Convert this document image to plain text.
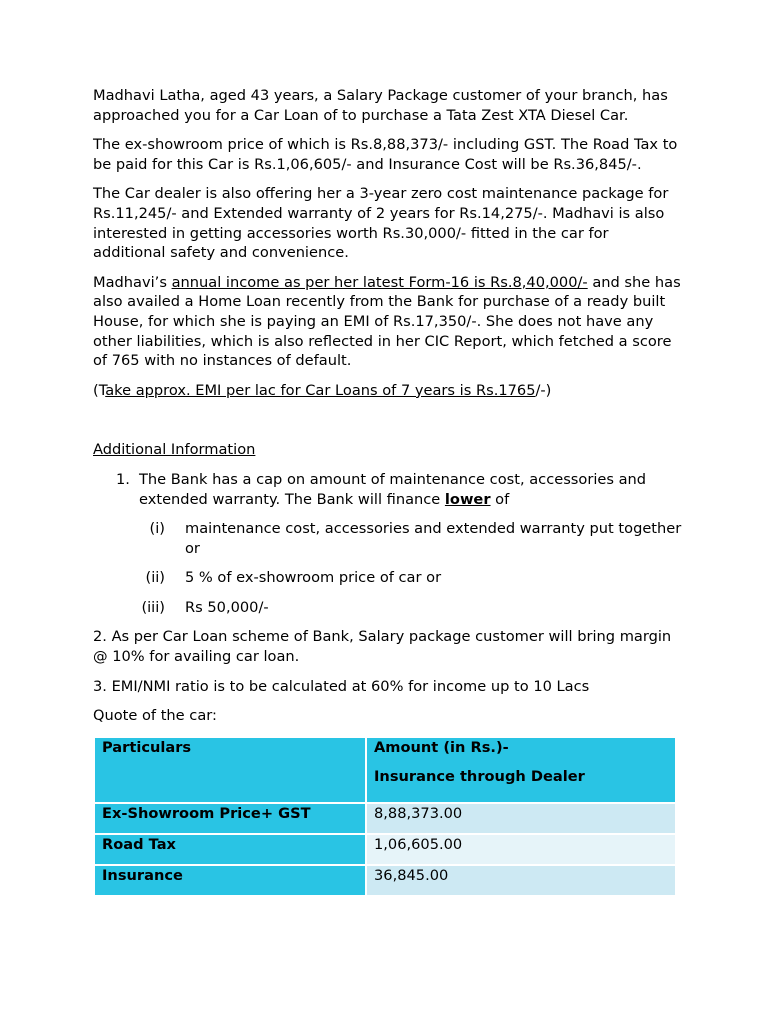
Madhavi Latha, aged 43 years, a Salary Package customer of your branch, has approached you for a Car Loan of to purchase a Tata Zest XTA Diesel Car.

The ex-showroom price of which is Rs.8,88,373/- including GST. The Road Tax to be paid for this Car is Rs.1,06,605/- and Insurance Cost will be Rs.36,845/-.

The Car dealer is also offering her a 3-year zero cost maintenance package for Rs.11,245/- and Extended warranty of 2 years for Rs.14,275/-. Madhavi is also interested in getting accessories worth Rs.30,000/- fitted in the car for additional safety and convenience.

Madhavi’s annual income as per her latest Form-16 is Rs.8,40,000/- and she has also availed a Home Loan recently from the Bank for purchase of a ready built House, for which she is paying an EMI of Rs.17,350/-. She does not have any other liabilities, which is also reflected in her CIC Report, which fetched a score of 765 with no instances of default.

(Take approx. EMI per lac for Car Loans of 7 years is Rs.1765/-)

Additional Information

1. The Bank has a cap on amount of maintenance cost, accessories and extended warranty. The Bank will finance lower of
(i)	maintenance cost, accessories and extended warranty put together or
(ii)	5 % of ex-showroom price of car or
(iii)	Rs 50,000/-

2. As per Car Loan scheme of Bank, Salary package customer will bring margin @ 10% for availing car loan.

3. EMI/NMI ratio is to be calculated at 60% for income up to 10 Lacs

Quote of the car:

Particulars	Amount (in Rs.)-
Insurance through Dealer

Ex-Showroom Price+ GST	8,88,373.00
Road Tax	1,06,605.00
Insurance	36,845.00
